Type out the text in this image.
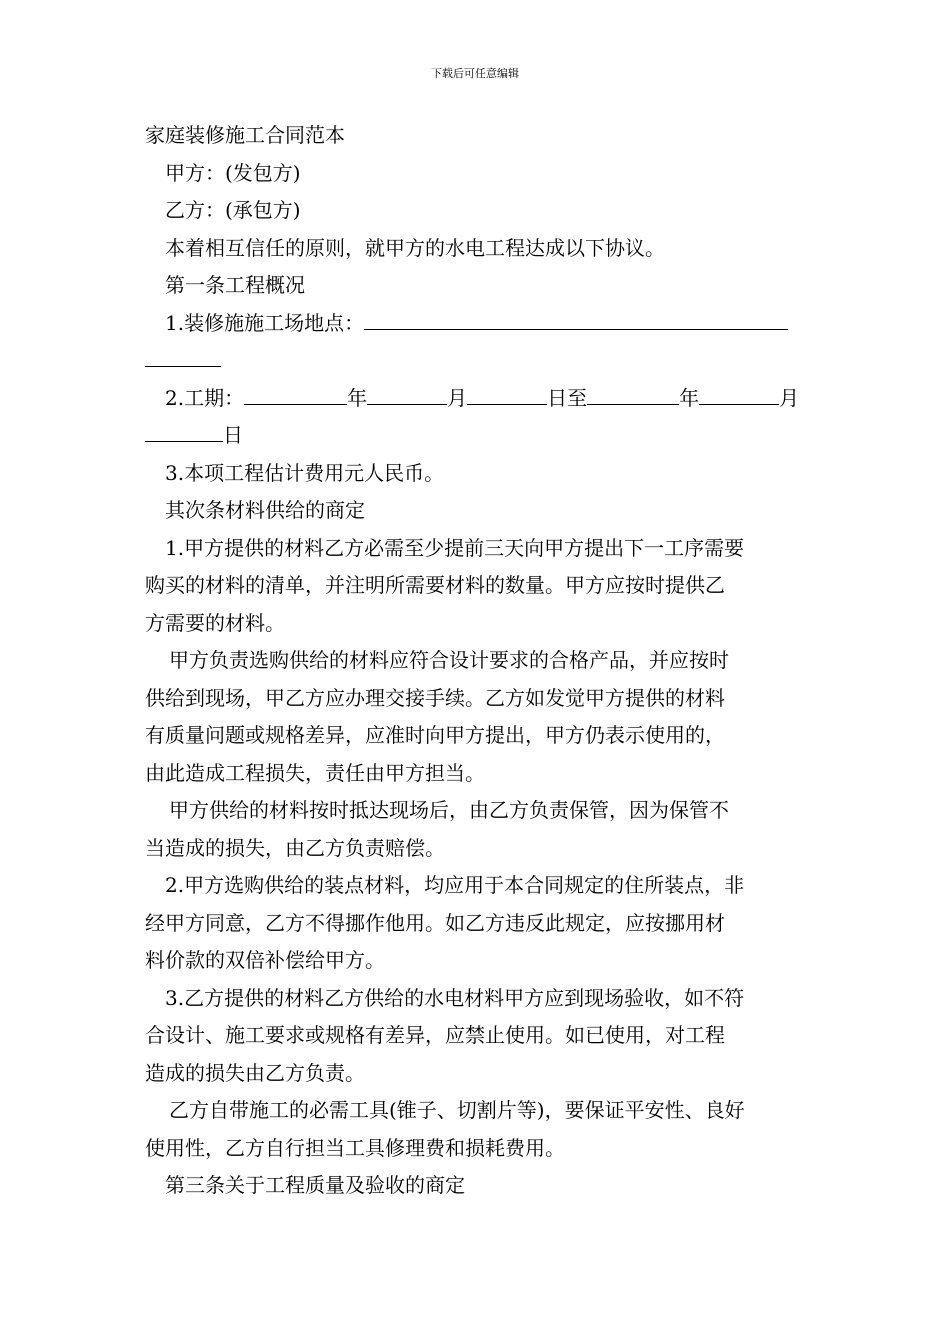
下载后可任意编辑
家庭装修施工合同范本
甲方：(发包方)
乙方：(承包方)
本着相互信任的原则，就甲方的水电工程达成以下协议。
第一条工程概况
1.装修施施工场地点：
2.工期：	年	月	日至	年	月
日
3.本项工程估计费用元人民币。
其次条材料供给的商定
1.甲方提供的材料乙方必需至少提前三天向甲方提出下一工序需要
购买的材料的清单，并注明所需要材料的数量。甲方应按时提供乙
方需要的材料。
甲方负责选购供给的材料应符合设计要求的合格产品，并应按时
供给到现场，甲乙方应办理交接手续。乙方如发觉甲方提供的材料
有质量问题或规格差异，应准时向甲方提出，甲方仍表示使用的，
由此造成工程损失，责任由甲方担当。
甲方供给的材料按时抵达现场后，由乙方负责保管，因为保管不
当造成的损失，由乙方负责赔偿。
2.甲方选购供给的装点材料，均应用于本合同规定的住所装点，非
经甲方同意，乙方不得挪作他用。如乙方违反此规定，应按挪用材
料价款的双倍补偿给甲方。
3.乙方提供的材料乙方供给的水电材料甲方应到现场验收，如不符
合设计、施工要求或规格有差异，应禁止使用。如已使用，对工程
造成的损失由乙方负责。
乙方自带施工的必需工具(锥子、切割片等)，要保证平安性、良好
使用性，乙方自行担当工具修理费和损耗费用。
第三条关于工程质量及验收的商定
